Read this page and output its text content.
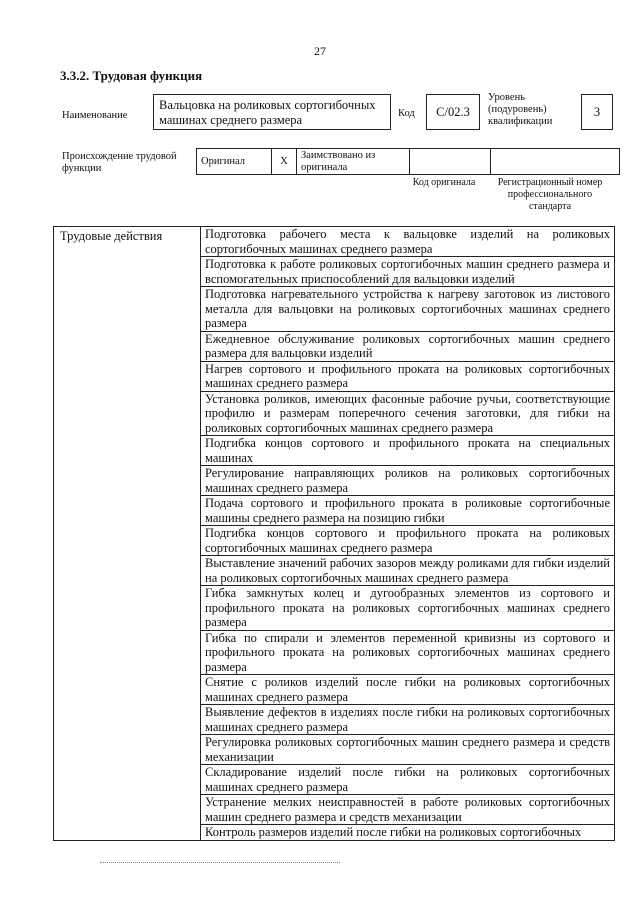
27
3.3.2. Трудовая функция
Наименование
Вальцовка на роликовых сортогибочных машинах среднего размера	Код	C/02.3
Уровень (подуровень) квалификации
3
Происхождение трудовой функции
Оригинал	X	Заимствовано из оригинала		
Код оригинала	Регистрационный номер профессионального стандарта
Трудовые действия	Подготовка рабочего места к вальцовке изделий на роликовых сортогибочных машинах среднего размера
Подготовка к работе роликовых сортогибочных машин среднего размера и вспомогательных приспособлений для вальцовки изделий
Подготовка нагревательного устройства к нагреву заготовок из листового металла для вальцовки на роликовых сортогибочных машинах среднего размера
Ежедневное обслуживание роликовых сортогибочных машин среднего размера для вальцовки изделий
Нагрев сортового и профильного проката на роликовых сортогибочных машинах среднего размера
Установка роликов, имеющих фасонные рабочие ручьи, соответствующие профилю и размерам поперечного сечения заготовки, для гибки на роликовых сортогибочных машинах среднего размера
Подгибка концов сортового и профильного проката на специальных машинах
Регулирование направляющих роликов на роликовых сортогибочных машинах среднего размера
Подача сортового и профильного проката в роликовые сортогибочные машины среднего размера на позицию гибки
Подгибка концов сортового и профильного проката на роликовых сортогибочных машинах среднего размера
Выставление значений рабочих зазоров между роликами для гибки изделий на роликовых сортогибочных машинах среднего размера
Гибка замкнутых колец и дугообразных элементов из сортового и профильного проката на роликовых сортогибочных машинах среднего размера
Гибка по спирали и элементов переменной кривизны из сортового и профильного проката на роликовых сортогибочных машинах среднего размера
Снятие с роликов изделий после гибки на роликовых сортогибочных машинах среднего размера
Выявление дефектов в изделиях после гибки на роликовых сортогибочных машинах среднего размера
Регулировка роликовых сортогибочных машин среднего размера и средств механизации
Складирование изделий после гибки на роликовых сортогибочных машинах среднего размера
Устранение мелких неисправностей в работе роликовых сортогибочных машин среднего размера и средств механизации
Контроль размеров изделий после гибки на роликовых сортогибочных
